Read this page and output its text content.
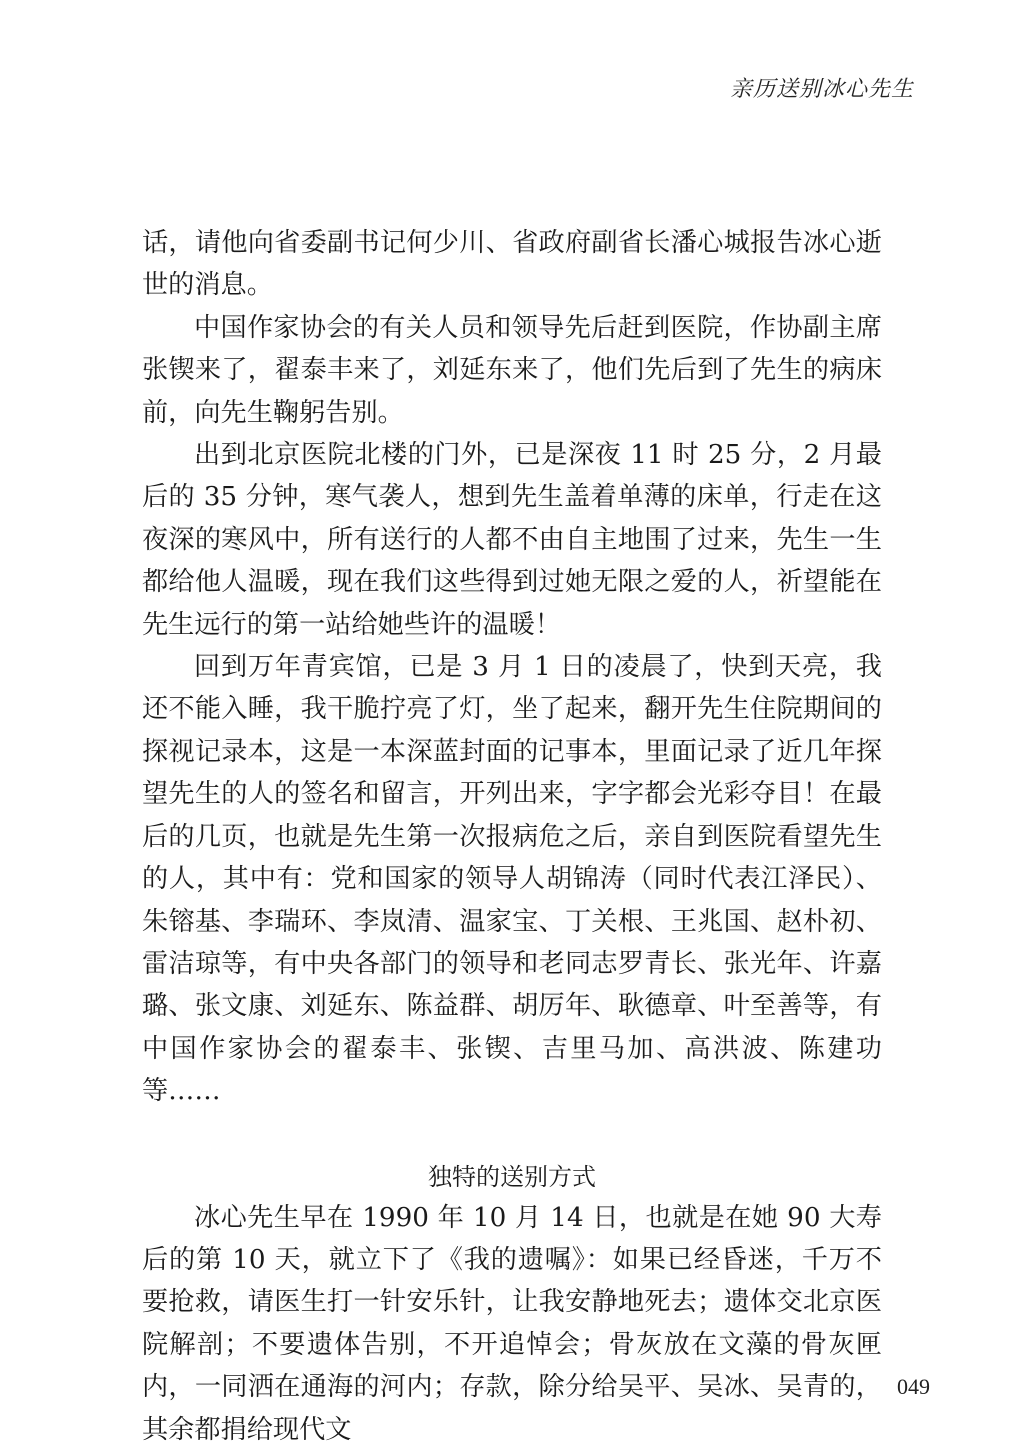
亲历送别冰心先生

话，请他向省委副书记何少川、省政府副省长潘心城报告冰心逝世的消息。

中国作家协会的有关人员和领导先后赶到医院，作协副主席张锲来了，翟泰丰来了，刘延东来了，他们先后到了先生的病床前，向先生鞠躬告别。

出到北京医院北楼的门外，已是深夜 11 时 25 分，2 月最后的 35 分钟，寒气袭人，想到先生盖着单薄的床单，行走在这夜深的寒风中，所有送行的人都不由自主地围了过来，先生一生都给他人温暖，现在我们这些得到过她无限之爱的人，祈望能在先生远行的第一站给她些许的温暖！

回到万年青宾馆，已是 3 月 1 日的凌晨了，快到天亮，我还不能入睡，我干脆拧亮了灯，坐了起来，翻开先生住院期间的探视记录本，这是一本深蓝封面的记事本，里面记录了近几年探望先生的人的签名和留言，开列出来，字字都会光彩夺目！在最后的几页，也就是先生第一次报病危之后，亲自到医院看望先生的人，其中有：党和国家的领导人胡锦涛（同时代表江泽民）、朱镕基、李瑞环、李岚清、温家宝、丁关根、王兆国、赵朴初、雷洁琼等，有中央各部门的领导和老同志罗青长、张光年、许嘉璐、张文康、刘延东、陈益群、胡厉年、耿德章、叶至善等，有中国作家协会的翟泰丰、张锲、吉里马加、高洪波、陈建功等……

独特的送别方式

冰心先生早在 1990 年 10 月 14 日，也就是在她 90 大寿后的第 10 天，就立下了《我的遗嘱》：如果已经昏迷，千万不要抢救，请医生打一针安乐针，让我安静地死去；遗体交北京医院解剖；不要遗体告别，不开追悼会；骨灰放在文藻的骨灰匣内，一同洒在通海的河内；存款，除分给吴平、吴冰、吴青的，其余都捐给现代文

049
